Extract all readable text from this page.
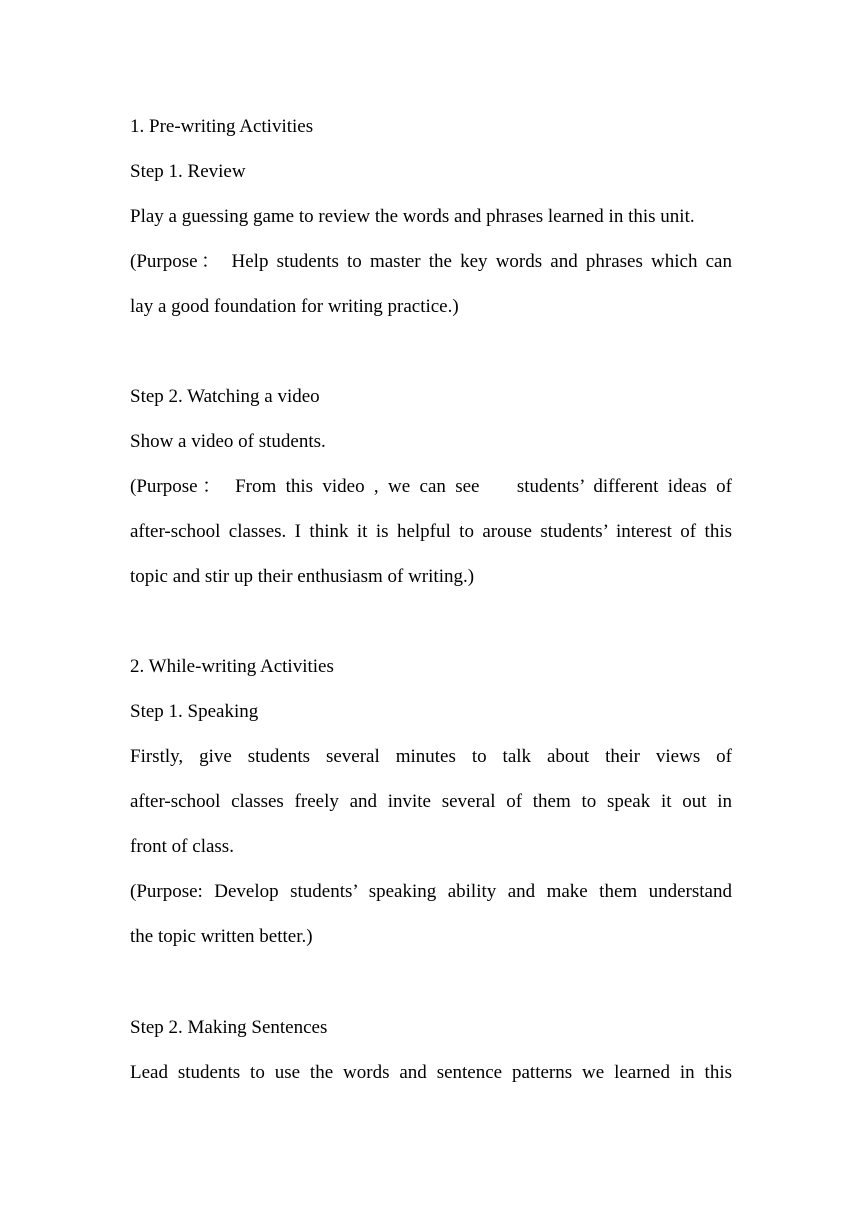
1. Pre-writing Activities
Step 1. Review
Play a guessing game to review the words and phrases learned in this unit.
(Purpose： Help students to master the key words and phrases which can
lay a good foundation for writing practice.)
Step 2. Watching a video
Show a video of students.
(Purpose： From this video , we can see    students’ different ideas of
after-school classes. I think it is helpful to arouse students’ interest of this
topic and stir up their enthusiasm of writing.)
2. While-writing Activities
Step 1. Speaking
Firstly, give students several minutes to talk about their views of
after-school classes freely and invite several of them to speak it out in
front of class.
(Purpose: Develop students’ speaking ability and make them understand
the topic written better.)
Step 2. Making Sentences
Lead students to use the words and sentence patterns we learned in this
